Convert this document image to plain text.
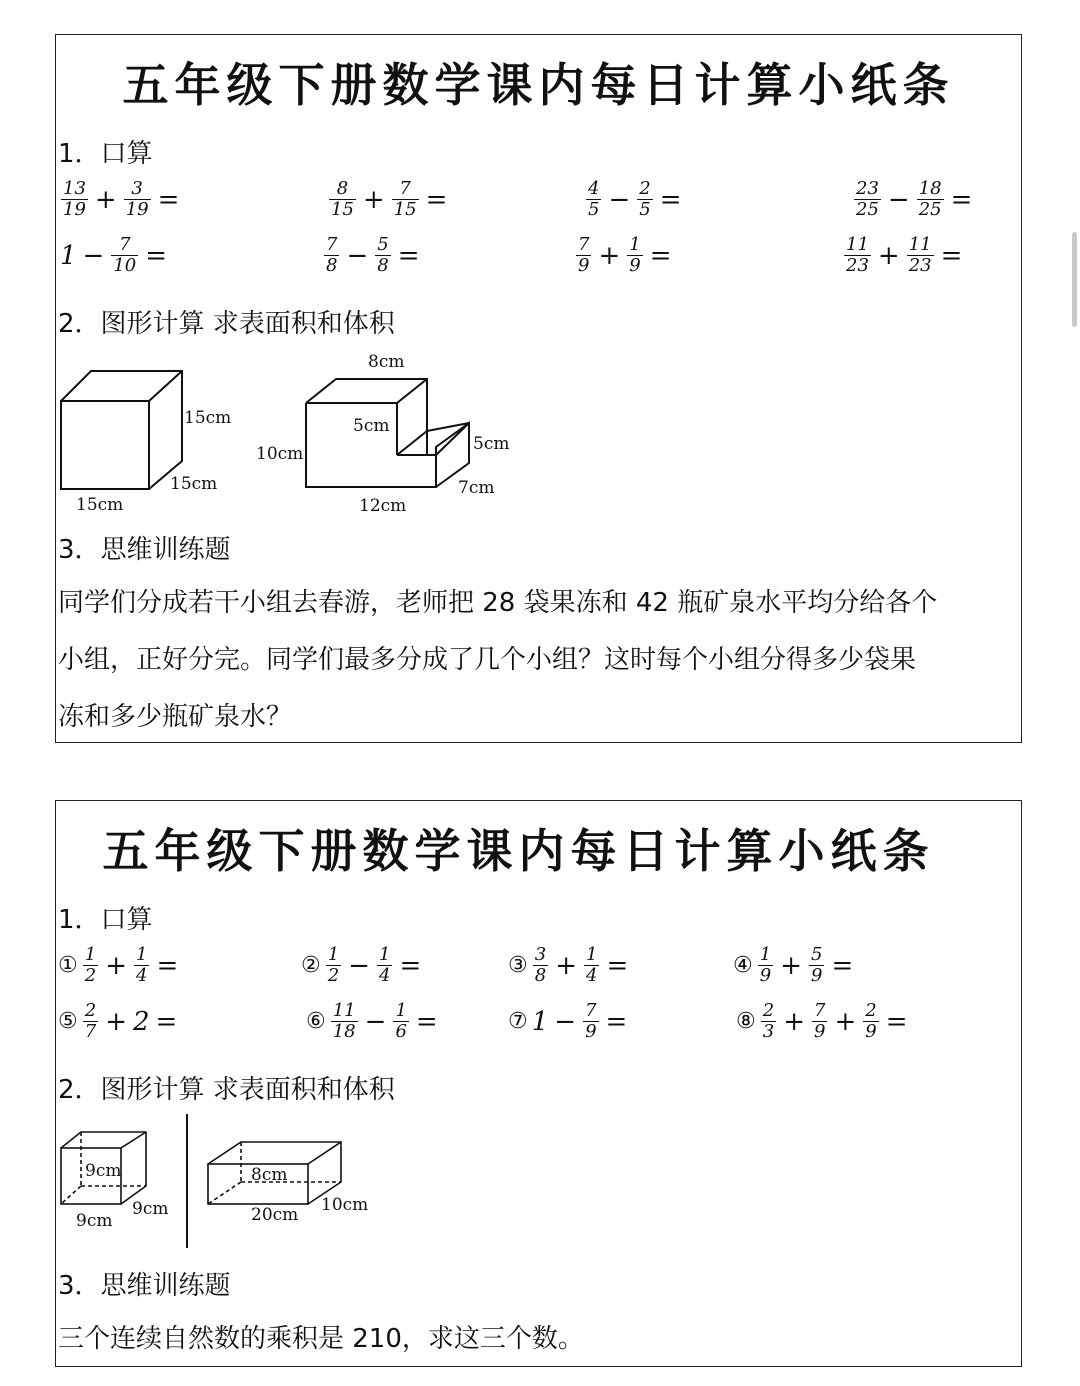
五年级下册数学课内每日计算小纸条
1．口算
$\frac{13}{19} + \frac{3}{19}$ =	$\frac{8}{15} + \frac{7}{15}$ =	$\frac{4}{5} - \frac{2}{5}$ =	$\frac{23}{25} - \frac{18}{25}$ =
$1 - \frac{7}{10}$ =	$\frac{7}{8} - \frac{5}{8}$ =	$\frac{7}{9} + \frac{1}{9}$ =	$\frac{11}{23} + \frac{11}{23}$ =
2．图形计算 求表面积和体积
15cm
15cm
15cm
8cm
5cm
5cm
10cm
7cm
12cm
3．思维训练题
同学们分成若干小组去春游，老师把 28 袋果冻和 42 瓶矿泉水平均分给各个
小组，正好分完。同学们最多分成了几个小组？这时每个小组分得多少袋果
冻和多少瓶矿泉水？
五年级下册数学课内每日计算小纸条
1．口算
① $\frac{1}{2} + \frac{1}{4}$ =	② $\frac{1}{2} - \frac{1}{4}$ =	③ $\frac{3}{8} + \frac{1}{4}$ =	④ $\frac{1}{9} + \frac{5}{9}$ =
⑤ $\frac{2}{7} + 2$ =	⑥ $\frac{11}{18} - \frac{1}{6}$ =	⑦ $1 - \frac{7}{9}$ =	⑧ $\frac{2}{3} + \frac{7}{9} + \frac{2}{9}$ =
2．图形计算 求表面积和体积
9cm
9cm
9cm
8cm
20cm 10cm
3．思维训练题
三个连续自然数的乘积是 210，求这三个数。
